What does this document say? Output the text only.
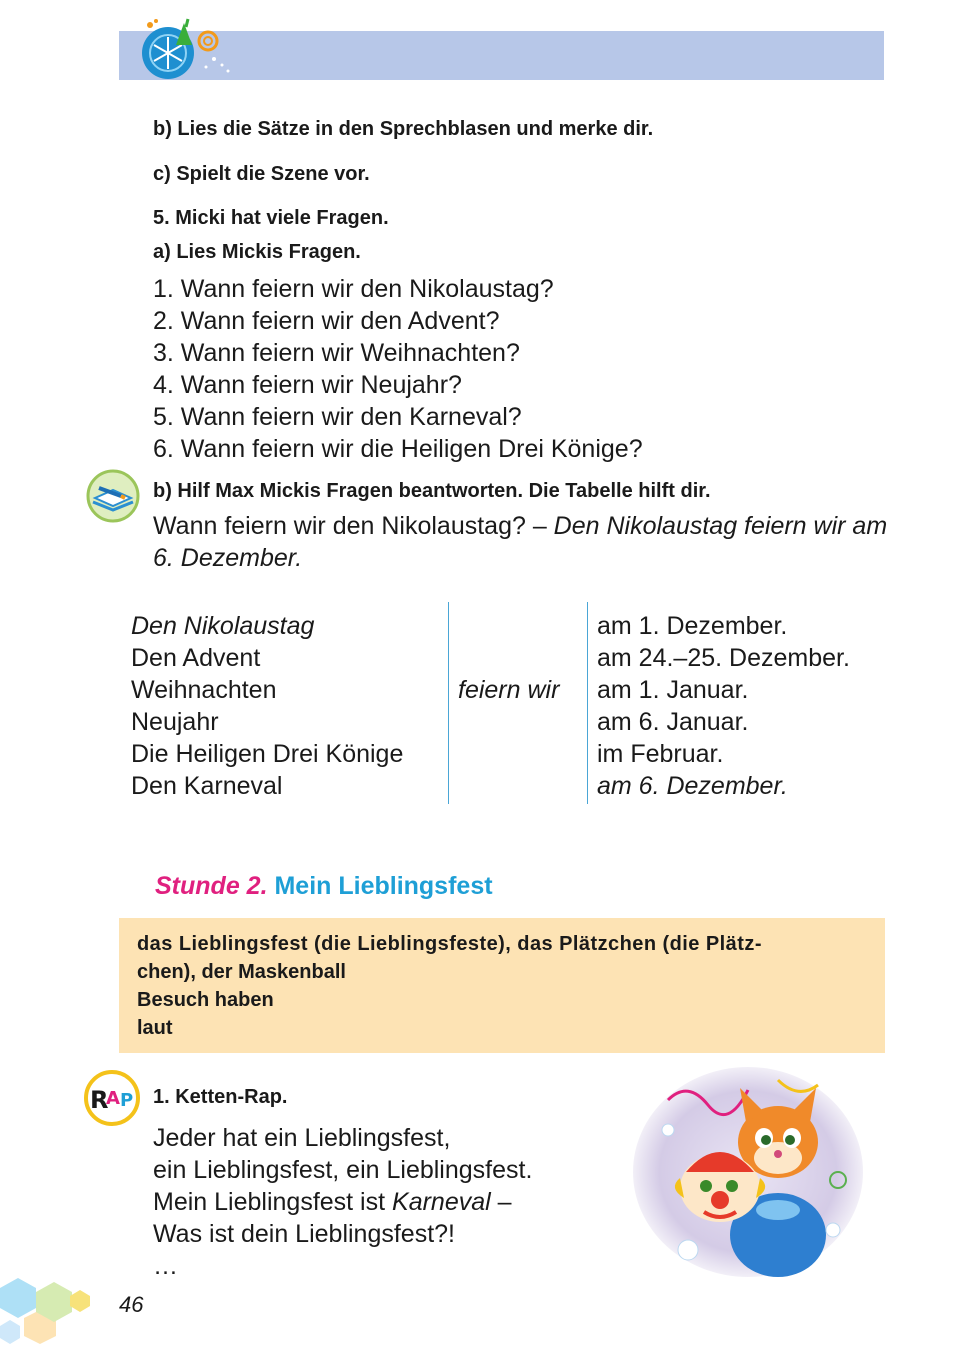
b) Lies die Sätze in den Sprechblasen und merke dir.
c) Spielt die Szene vor.
5. Micki hat viele Fragen.
a) Lies Mickis Fragen.
1. Wann feiern wir den Nikolaustag?
2. Wann feiern wir den Advent?
3. Wann feiern wir Weihnachten?
4. Wann feiern wir Neujahr?
5. Wann feiern wir den Karneval?
6. Wann feiern wir die Heiligen Drei Könige?
b) Hilf Max Mickis Fragen beantworten. Die Tabelle hilft dir.
Wann feiern wir den Nikolaustag? – Den Nikolaustag feiern wir am 6. Dezember.
Den Nikolaustag
Den Advent
Weihnachten
Neujahr
Die Heiligen Drei Könige
Den Karneval
feiern wir
am 1. Dezember.
am 24.–25. Dezember.
am 1. Januar.
am 6. Januar.
im Februar.
am 6. Dezember.
Stunde 2. Mein Lieblingsfest
das Lieblingsfest (die Lieblingsfeste), das Plätzchen (die Plätz-
chen), der Maskenball
Besuch haben
laut
R
A P 1. Ketten-Rap.
Jeder hat ein Lieblingsfest,
ein Lieblingsfest, ein Lieblingsfest.
Mein Lieblingsfest ist Karneval –
Was ist dein Lieblingsfest?!
…
46
